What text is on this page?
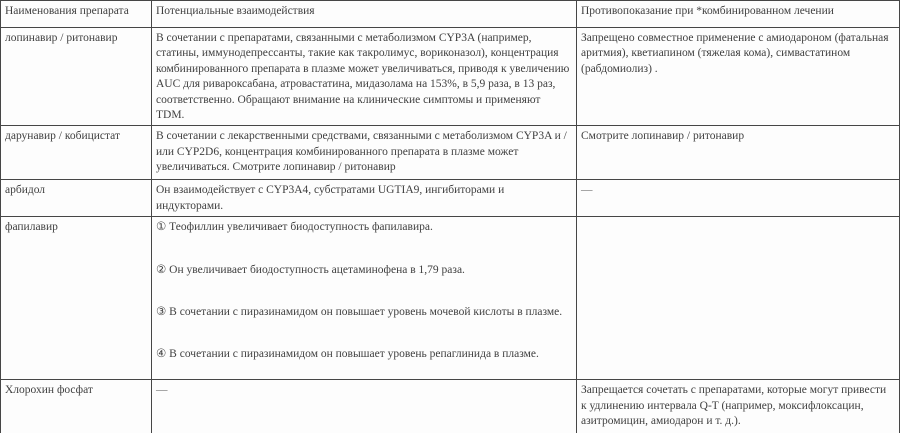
Наименования препарата	Потенциальные взаимодействия	Противопоказание при *комбинированном лечении
лопинавир / ритонавир	В сочетании с препаратами, связанными с метаболизмом CYP3A (например, статины, иммунодепрессанты, такие как такролимус, вориконазол), концентрация комбинированного препарата в плазме может увеличиваться, приводя к увеличению AUC для ривароксабана, атровастатина, мидазолама на 153%, в 5,9 раза, в 13 раз, соответственно. Обращают внимание на клинические симптомы и применяют TDM.	Запрещено совместное применение с амиодароном (фатальная аритмия), кветиапином (тяжелая кома), симвастатином (рабдомиолиз) .
дарунавир / кобицистат	В сочетании с лекарственными средствами, связанными с метаболизмом CYP3A и / или CYP2D6, концентрация комбинированного препарата в плазме может увеличиваться. Смотрите лопинавир / ритонавир	Смотрите лопинавир / ритонавир
арбидол	Он взаимодействует с CYP3A4, субстратами UGTIA9, ингибиторами и индукторами.	—
фапилавир	① Теофиллин увеличивает биодоступность фапилавира.

② Он увеличивает биодоступность ацетаминофена в 1,79 раза.

③ В сочетании с пиразинамидом он повышает уровень мочевой кислоты в плазме.

④ В сочетании с пиразинамидом он повышает уровень репаглинида в плазме.	

Хлорохин фосфат	—	Запрещается сочетать с препаратами, которые могут привести к удлинению интервала Q-T (например, моксифлоксацин, азитромицин, амиодарон и т. д.).
